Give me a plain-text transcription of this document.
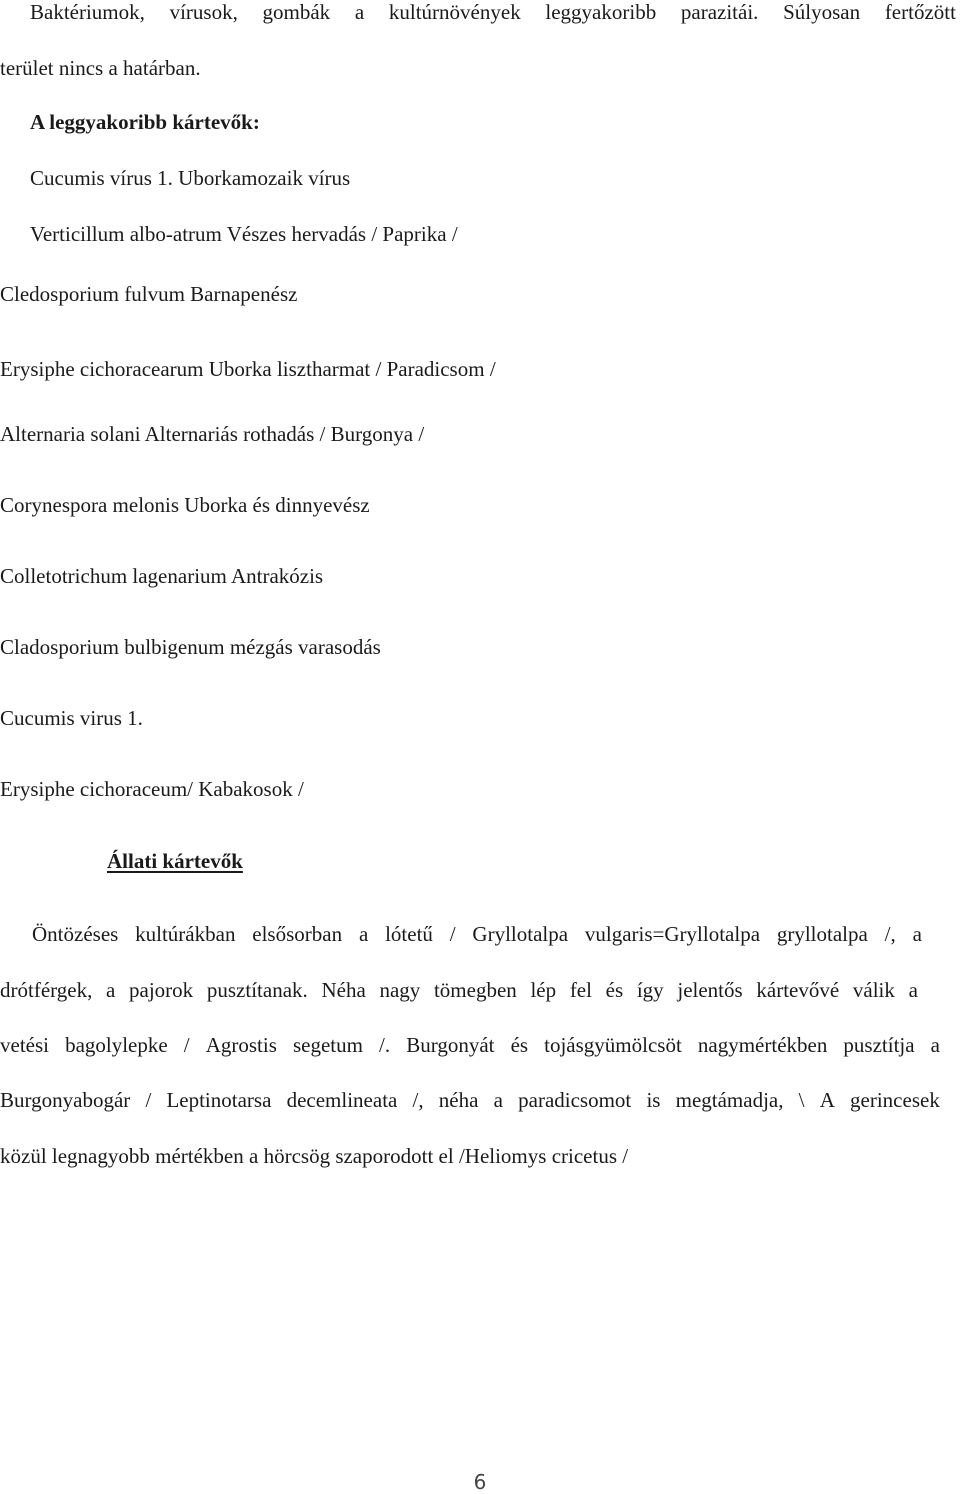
Baktériumok, vírusok, gombák a kultúrnövények leggyakoribb parazitái. Súlyosan fertőzött
terület nincs a határban.
A leggyakoribb kártevők:
Cucumis vírus 1. Uborkamozaik vírus
Verticillum albo-atrum Vészes hervadás / Paprika /
Cledosporium fulvum Barnapenész
Erysiphe cichoracearum Uborka lisztharmat / Paradicsom /
Alternaria solani Alternariás rothadás / Burgonya /
Corynespora melonis Uborka és dinnyevész
Colletotrichum lagenarium Antrakózis
Cladosporium bulbigenum mézgás varasodás
Cucumis virus 1.
Erysiphe cichoraceum/ Kabakosok /
Állati kártevők
Öntözéses kultúrákban elsősorban a lótetű / Gryllotalpa vulgaris=Gryllotalpa gryllotalpa /, a
drótférgek, a pajorok pusztítanak. Néha nagy tömegben lép fel és így jelentős kártevővé válik a
vetési bagolylepke / Agrostis segetum /. Burgonyát és tojásgyümölcsöt nagymértékben pusztítja a
Burgonyabogár / Leptinotarsa decemlineata /, néha a paradicsomot is megtámadja, \ A gerincesek
közül legnagyobb mértékben a hörcsög szaporodott el /Heliomys cricetus /
6
